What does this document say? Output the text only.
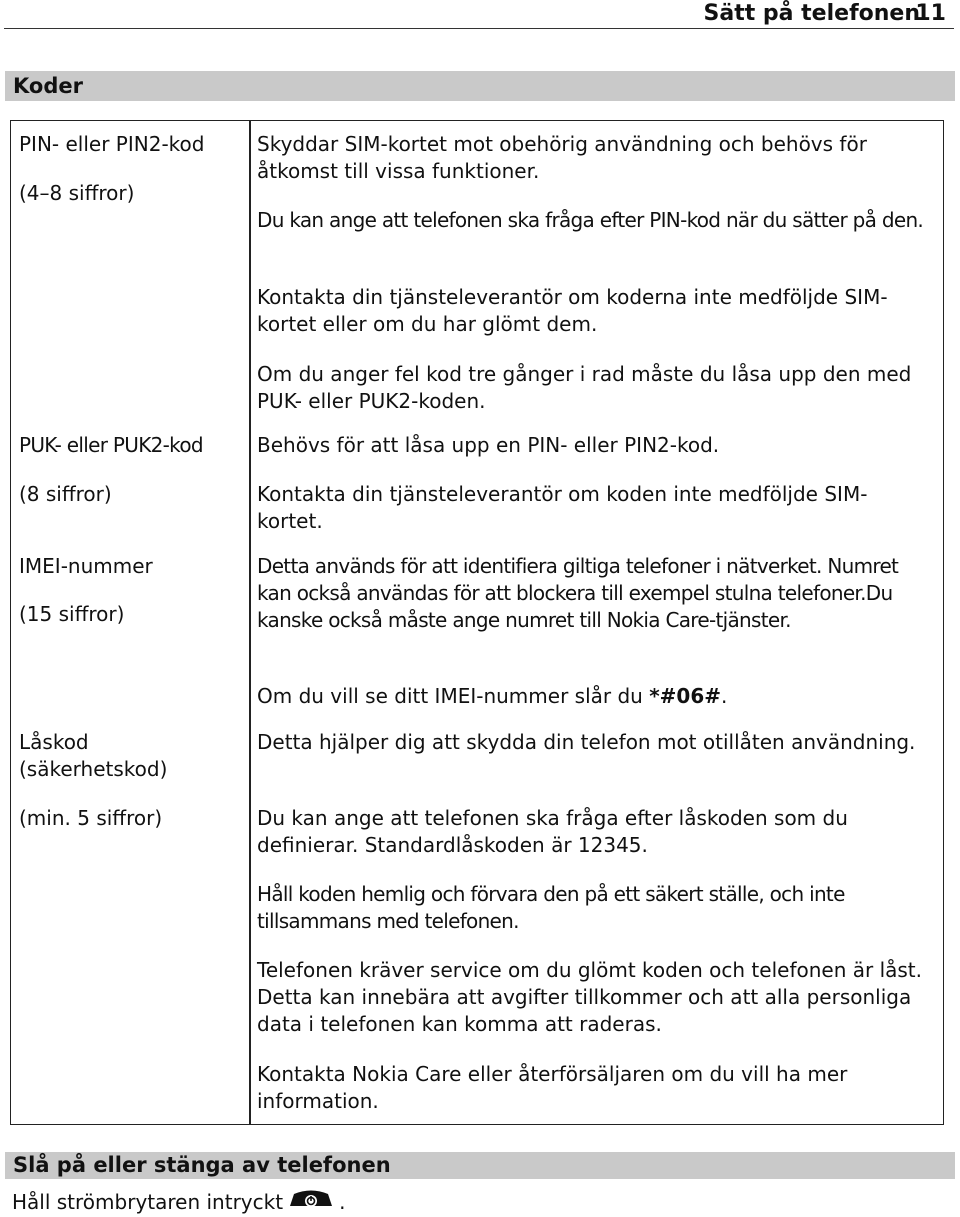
Sätt på telefonen
11
Koder
PIN- eller PIN2-kod
(4–8 siffror)
Skyddar SIM-kortet mot obehörig användning och behövs för åtkomst till vissa funktioner.
Du kan ange att telefonen ska fråga efter PIN-kod när du sätter på den.
Kontakta din tjänsteleverantör om koderna inte medföljde SIM-kortet eller om du har glömt dem.
Om du anger fel kod tre gånger i rad måste du låsa upp den med PUK- eller PUK2-koden.
PUK- eller PUK2-kod
(8 siffror)
Behövs för att låsa upp en PIN- eller PIN2-kod.
Kontakta din tjänsteleverantör om koden inte medföljde SIM-kortet.
IMEI-nummer
(15 siffror)
Detta används för att identifiera giltiga telefoner i nätverket. Numret kan också användas för att blockera till exempel stulna telefoner.Du kanske också måste ange numret till Nokia Care-tjänster.
Om du vill se ditt IMEI-nummer slår du *#06#.
Låskod (säkerhetskod)
(min. 5 siffror)
Detta hjälper dig att skydda din telefon mot otillåten användning.
Du kan ange att telefonen ska fråga efter låskoden som du definierar. Standardlåskoden är 12345.
Håll koden hemlig och förvara den på ett säkert ställe, och inte tillsammans med telefonen.
Telefonen kräver service om du glömt koden och telefonen är låst. Detta kan innebära att avgifter tillkommer och att alla personliga data i telefonen kan komma att raderas.
Kontakta Nokia Care eller återförsäljaren om du vill ha mer information.
Slå på eller stänga av telefonen
Håll strömbrytaren intryckt	.
